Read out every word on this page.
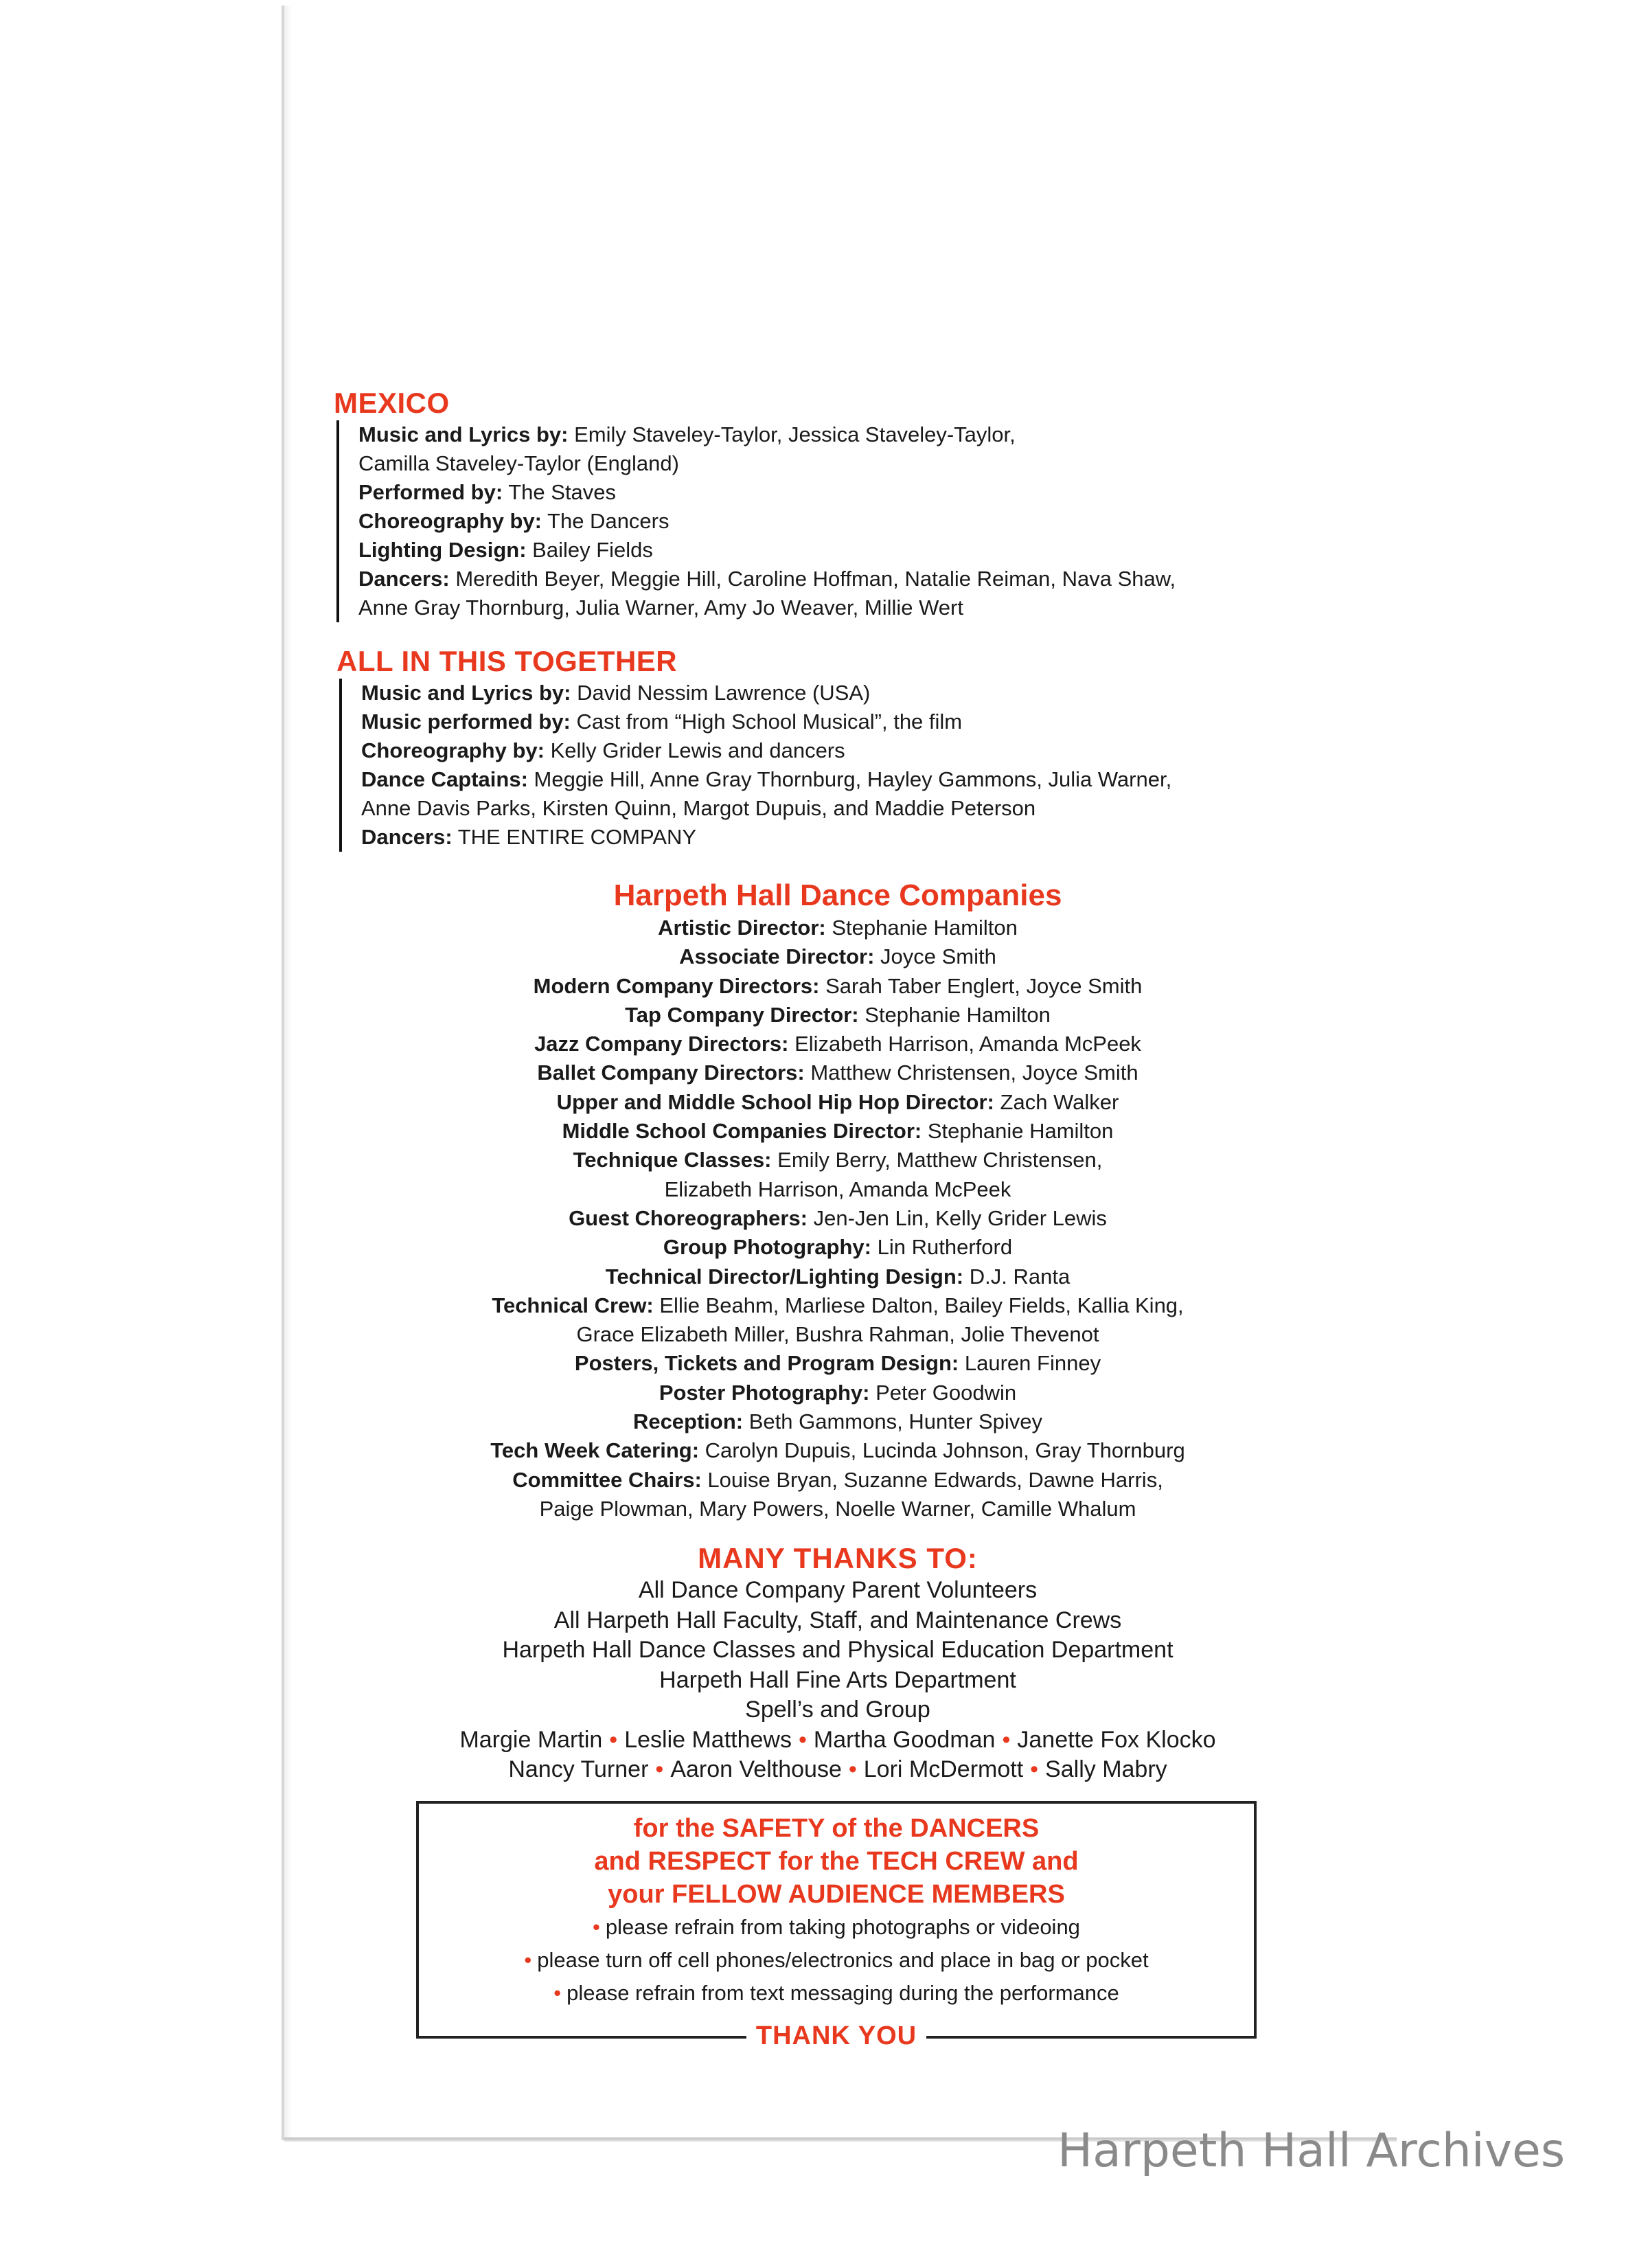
MEXICO
Music and Lyrics by: Emily Staveley-Taylor, Jessica Staveley-Taylor,
Camilla Staveley-Taylor (England)
Performed by: The Staves
Choreography by: The Dancers
Lighting Design: Bailey Fields
Dancers: Meredith Beyer, Meggie Hill, Caroline Hoffman, Natalie Reiman, Nava Shaw,
Anne Gray Thornburg, Julia Warner, Amy Jo Weaver, Millie Wert
ALL IN THIS TOGETHER
Music and Lyrics by: David Nessim Lawrence (USA)
Music performed by: Cast from “High School Musical”, the film
Choreography by: Kelly Grider Lewis and dancers
Dance Captains: Meggie Hill, Anne Gray Thornburg, Hayley Gammons, Julia Warner,
Anne Davis Parks, Kirsten Quinn, Margot Dupuis, and Maddie Peterson
Dancers: THE ENTIRE COMPANY
Harpeth Hall Dance Companies
Artistic Director: Stephanie Hamilton
Associate Director: Joyce Smith
Modern Company Directors: Sarah Taber Englert, Joyce Smith
Tap Company Director: Stephanie Hamilton
Jazz Company Directors: Elizabeth Harrison, Amanda McPeek
Ballet Company Directors: Matthew Christensen, Joyce Smith
Upper and Middle School Hip Hop Director: Zach Walker
Middle School Companies Director: Stephanie Hamilton
Technique Classes: Emily Berry, Matthew Christensen,
Elizabeth Harrison, Amanda McPeek
Guest Choreographers: Jen-Jen Lin, Kelly Grider Lewis
Group Photography: Lin Rutherford
Technical Director/Lighting Design: D.J. Ranta
Technical Crew: Ellie Beahm, Marliese Dalton, Bailey Fields, Kallia King,
Grace Elizabeth Miller, Bushra Rahman, Jolie Thevenot
Posters, Tickets and Program Design: Lauren Finney
Poster Photography: Peter Goodwin
Reception: Beth Gammons, Hunter Spivey
Tech Week Catering: Carolyn Dupuis, Lucinda Johnson, Gray Thornburg
Committee Chairs: Louise Bryan, Suzanne Edwards, Dawne Harris,
Paige Plowman, Mary Powers, Noelle Warner, Camille Whalum
MANY THANKS TO:
All Dance Company Parent Volunteers
All Harpeth Hall Faculty, Staff, and Maintenance Crews
Harpeth Hall Dance Classes and Physical Education Department
Harpeth Hall Fine Arts Department
Spell’s and Group
Margie Martin • Leslie Matthews • Martha Goodman • Janette Fox Klocko
Nancy Turner • Aaron Velthouse • Lori McDermott • Sally Mabry
for the SAFETY of the DANCERS
and RESPECT for the TECH CREW and
your FELLOW AUDIENCE MEMBERS
• please refrain from taking photographs or videoing
• please turn off cell phones/electronics and place in bag or pocket
• please refrain from text messaging during the performance
THANK YOU
Harpeth Hall Archives
